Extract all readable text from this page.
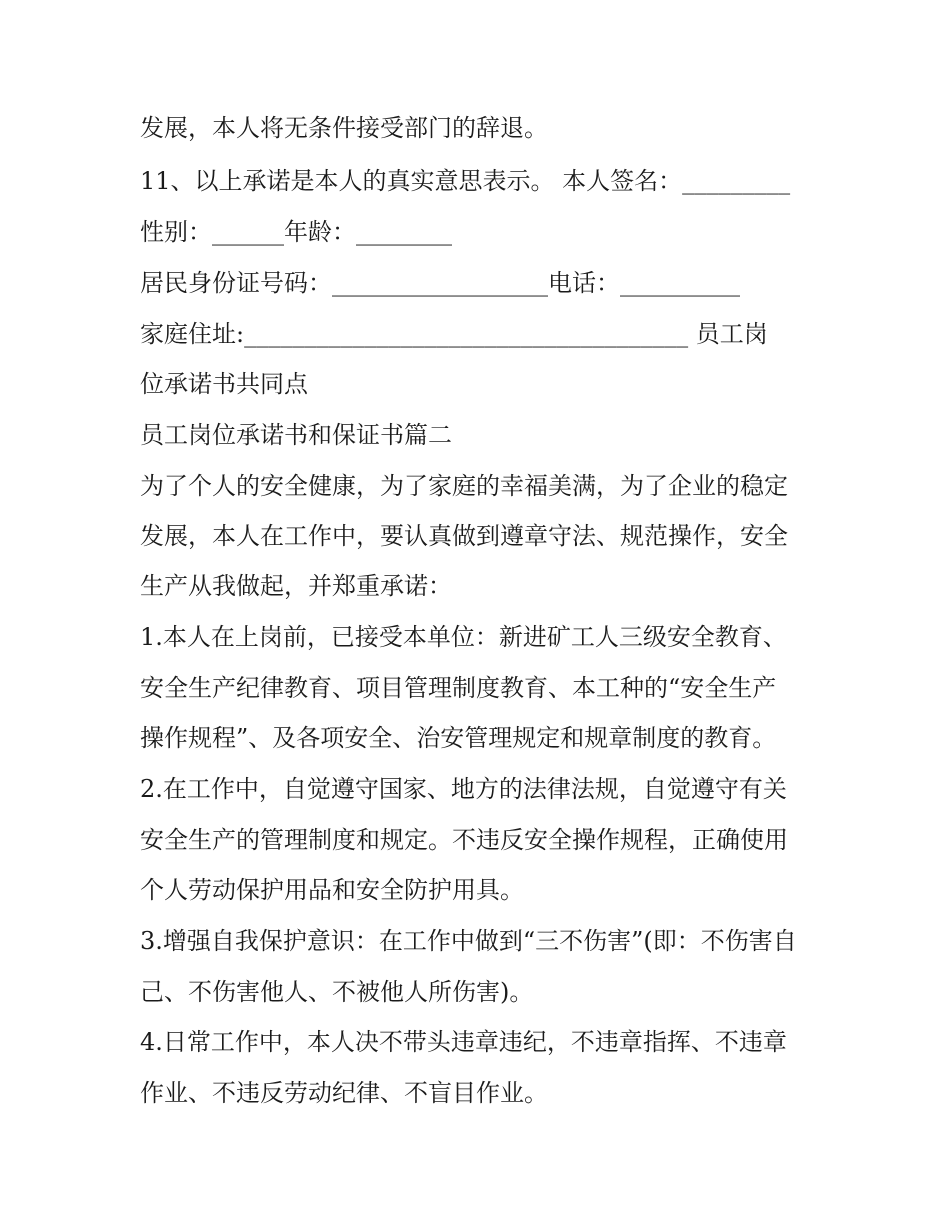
发展，本人将无条件接受部门的辞退。
11、以上承诺是本人的真实意思表示。 本人签名：_________
性别：______年龄：________
居民身份证号码：__________________电话：__________
家庭住址:_____________________________________ 员工岗
位承诺书共同点
员工岗位承诺书和保证书篇二
为了个人的安全健康，为了家庭的幸福美满，为了企业的稳定
发展，本人在工作中，要认真做到遵章守法、规范操作，安全
生产从我做起，并郑重承诺：
1.本人在上岗前，已接受本单位：新进矿工人三级安全教育、
安全生产纪律教育、项目管理制度教育、本工种的“安全生产
操作规程”、及各项安全、治安管理规定和规章制度的教育。
2.在工作中，自觉遵守国家、地方的法律法规，自觉遵守有关
安全生产的管理制度和规定。不违反安全操作规程，正确使用
个人劳动保护用品和安全防护用具。
3.增强自我保护意识：在工作中做到“三不伤害”(即：不伤害自
己、不伤害他人、不被他人所伤害)。
4.日常工作中，本人决不带头违章违纪，不违章指挥、不违章
作业、不违反劳动纪律、不盲目作业。
